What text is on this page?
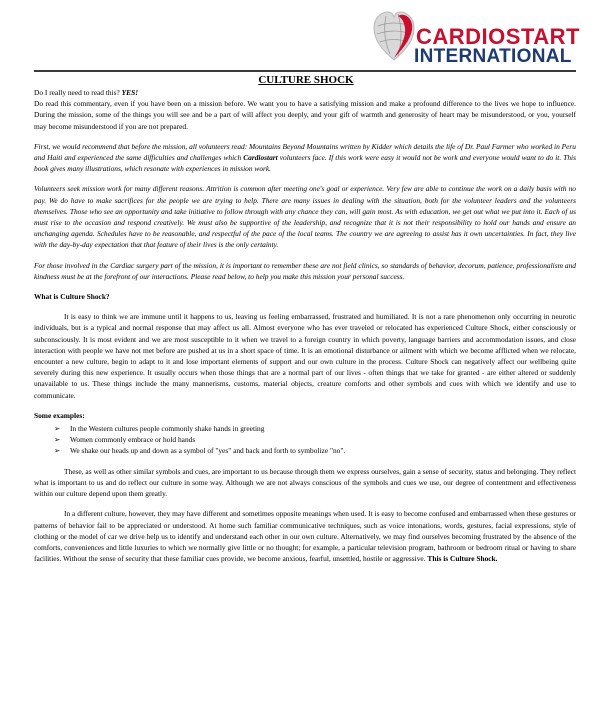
CARDIOSTART
INTERNATIONAL
CULTURE SHOCK

Do I really need to read this? YES!

Do read this commentary, even if you have been on a mission before. We want you to have a satisfying mission and make a profound difference to the lives we hope to influence. During the mission, some of the things you will see and be a part of will affect you deeply, and your gift of warmth and generosity of heart may be misunderstood, or you, yourself may become misunderstood if you are not prepared.

First, we would recommend that before the mission, all volunteers read: Mountains Beyond Mountains written by Kidder which details the life of Dr. Paul Farmer who worked in Peru and Haiti and experienced the same difficulties and challenges which Cardiostart volunteers face. If this work were easy it would not be work and everyone would want to do it. This book gives many illustrations, which resonate with experiences in mission work.

Volunteers seek mission work for many different reasons. Attrition is common after meeting one's goal or experience. Very few are able to continue the work on a daily basis with no pay. We do have to make sacrifices for the people we are trying to help. There are many issues in dealing with the situation, both for the volunteer leaders and the volunteers themselves. Those who see an opportunity and take initiative to follow through with any chance they can, will gain most. As with education, we get out what we put into it. Each of us must rise to the occasion and respond creatively. We must also be supportive of the leadership, and recognize that it is not their responsibility to hold our hands and ensure an unchanging agenda. Schedules have to be reasonable, and respectful of the pace of the local teams. The country we are agreeing to assist has it own uncertainties. In fact, they live with the day-by-day expectation that that feature of their lives is the only certainty.

For those involved in the Cardiac surgery part of the mission, it is important to remember these are not field clinics, so standards of behavior, decorum, patience, professionalism and kindness must be at the forefront of our interactions. Please read below, to help you make this mission your personal success.

What is Culture Shock?

It is easy to think we are immune until it happens to us, leaving us feeling embarrassed, frustrated and humiliated. It is not a rare phenomenon only occurring in neurotic individuals, but is a typical and normal response that may affect us all. Almost everyone who has ever traveled or relocated has experienced Culture Shock, either consciously or subconsciously. It is most evident and we are most susceptible to it when we travel to a foreign country in which poverty, language barriers and accommodation issues, and close interaction with people we have not met before are pushed at us in a short space of time. It is an emotional disturbance or ailment with which we become afflicted when we relocate, encounter a new culture, begin to adapt to it and lose important elements of support and our own culture in the process. Culture Shock can negatively affect our wellbeing quite severely during this new experience. It usually occurs when those things that are a normal part of our lives - often things that we take for granted - are either altered or suddenly unavailable to us. These things include the many mannerisms, customs, material objects, creature comforts and other symbols and cues with which we identify and use to communicate.

Some examples:
➢ In the Western cultures people commonly shake hands in greeting
➢ Women commonly embrace or hold hands
➢ We shake our heads up and down as a symbol of "yes" and back and forth to symbolize "no".

These, as well as other similar symbols and cues, are important to us because through them we express ourselves, gain a sense of security, status and belonging. They reflect what is important to us and do reflect our culture in some way. Although we are not always conscious of the symbols and cues we use, our degree of contentment and effectiveness within our culture depend upon them greatly.

In a different culture, however, they may have different and sometimes opposite meanings when used. It is easy to become confused and embarrassed when these gestures or patterns of behavior fail to be appreciated or understood. At home such familiar communicative techniques, such as voice intonations, words, gestures, facial expressions, style of clothing or the model of car we drive help us to identify and understand each other in our own culture. Alternatively, we may find ourselves becoming frustrated by the absence of the comforts, conveniences and little luxuries to which we normally give little or no thought; for example, a particular television program, bathroom or bedroom ritual or having to share facilities. Without the sense of security that these familiar cues provide, we become anxious, fearful, unsettled, hostile or aggressive. This is Culture Shock.
